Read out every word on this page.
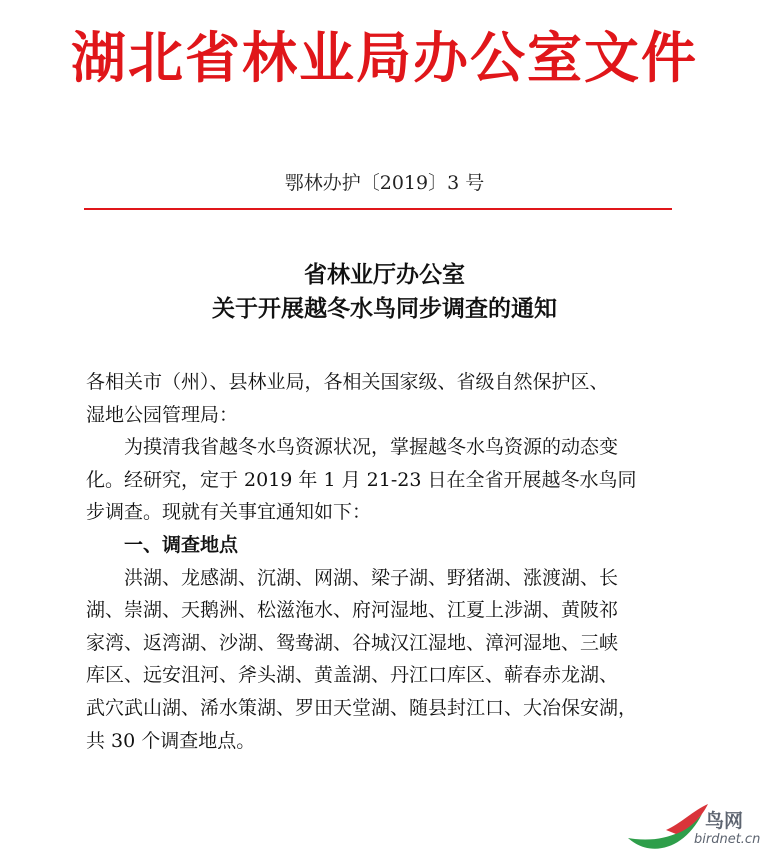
湖北省林业局办公室文件
鄂林办护〔2019〕3 号
省林业厅办公室
关于开展越冬水鸟同步调查的通知
各相关市（州）、县林业局，各相关国家级、省级自然保护区、
湿地公园管理局：
为摸清我省越冬水鸟资源状况，掌握越冬水鸟资源的动态变
化。经研究，定于 2019 年 1 月 21-23 日在全省开展越冬水鸟同
步调查。现就有关事宜通知如下：
一、调查地点
洪湖、龙感湖、沉湖、网湖、梁子湖、野猪湖、涨渡湖、长
湖、崇湖、天鹅洲、松滋沲水、府河湿地、江夏上涉湖、黄陂祁
家湾、返湾湖、沙湖、鸳鸯湖、谷城汉江湿地、漳河湿地、三峡
库区、远安沮河、斧头湖、黄盖湖、丹江口库区、蕲春赤龙湖、
武穴武山湖、浠水策湖、罗田天堂湖、随县封江口、大冶保安湖，
共 30 个调查地点。
鸟网
birdnet.cn
